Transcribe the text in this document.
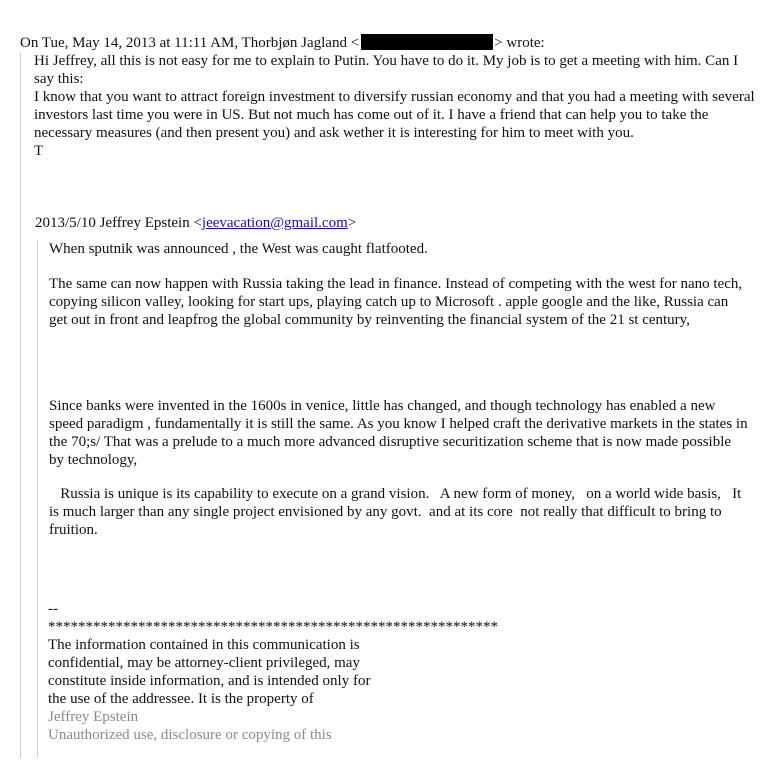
On Tue, May 14, 2013 at 11:11 AM, Thorbjøn Jagland <	> wrote:

Hi Jeffrey, all this is not easy for me to explain to Putin. You have to do it. My job is to get a meeting with him. Can I say this:

I know that you want to attract foreign investment to diversify russian economy and that you had a meeting with several investors last time you were in US. But not much has come out of it. I have a friend that can help you to take the necessary measures (and then present you) and ask wether it is interesting for him to meet with you.

T

2013/5/10 Jeffrey Epstein <jeevacation@gmail.com>

When sputnik was announced , the West was caught flatfooted.

The same can now happen with Russia taking the lead in finance. Instead of competing with the west for nano tech, copying silicon valley, looking for start ups, playing catch up to Microsoft . apple google and the like, Russia can get out in front and leapfrog the global community by reinventing the financial system of the 21 st century,

Since banks were invented in the 1600s in venice, little has changed, and though technology has enabled a new speed paradigm , fundamentally it is still the same. As you know I helped craft the derivative markets in the states in the 70;s/ That was a prelude to a much more advanced disruptive securitization scheme that is now made possible by technology,

Russia is unique is its capability to execute on a grand vision.   A new form of money,   on a world wide basis,   It is much larger than any single project envisioned by any govt.  and at its core  not really that difficult to bring to fruition.

--
************************************************************
The information contained in this communication is
confidential, may be attorney-client privileged, may
constitute inside information, and is intended only for
the use of the addressee. It is the property of
Jeffrey Epstein
Unauthorized use, disclosure or copying of this
